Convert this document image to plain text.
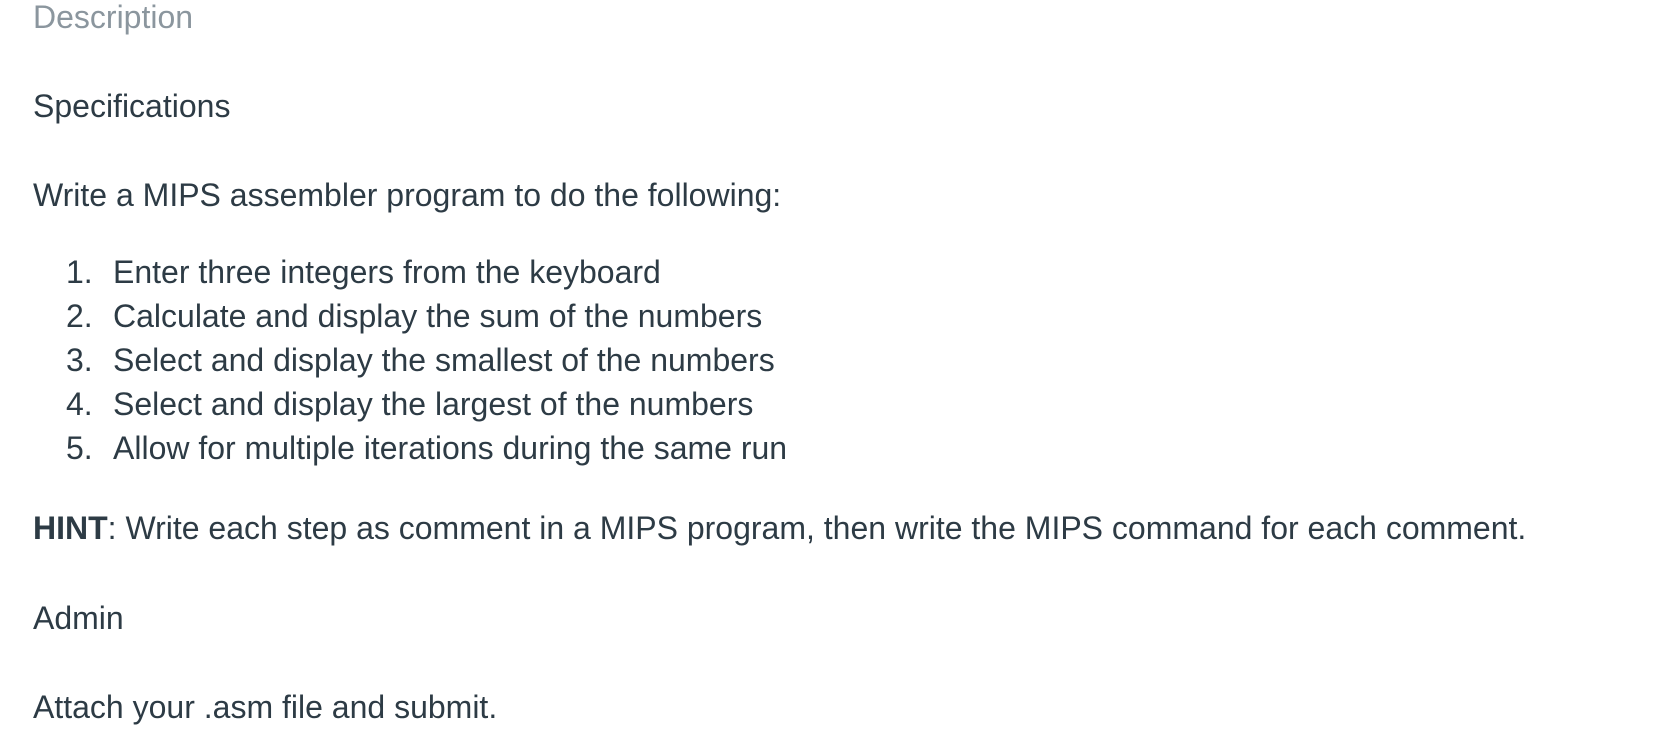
Description

Specifications

Write a MIPS assembler program to do the following:

1. Enter three integers from the keyboard
2. Calculate and display the sum of the numbers
3. Select and display the smallest of the numbers
4. Select and display the largest of the numbers
5. Allow for multiple iterations during the same run

HINT: Write each step as comment in a MIPS program, then write the MIPS command for each comment.

Admin

Attach your .asm file and submit.
